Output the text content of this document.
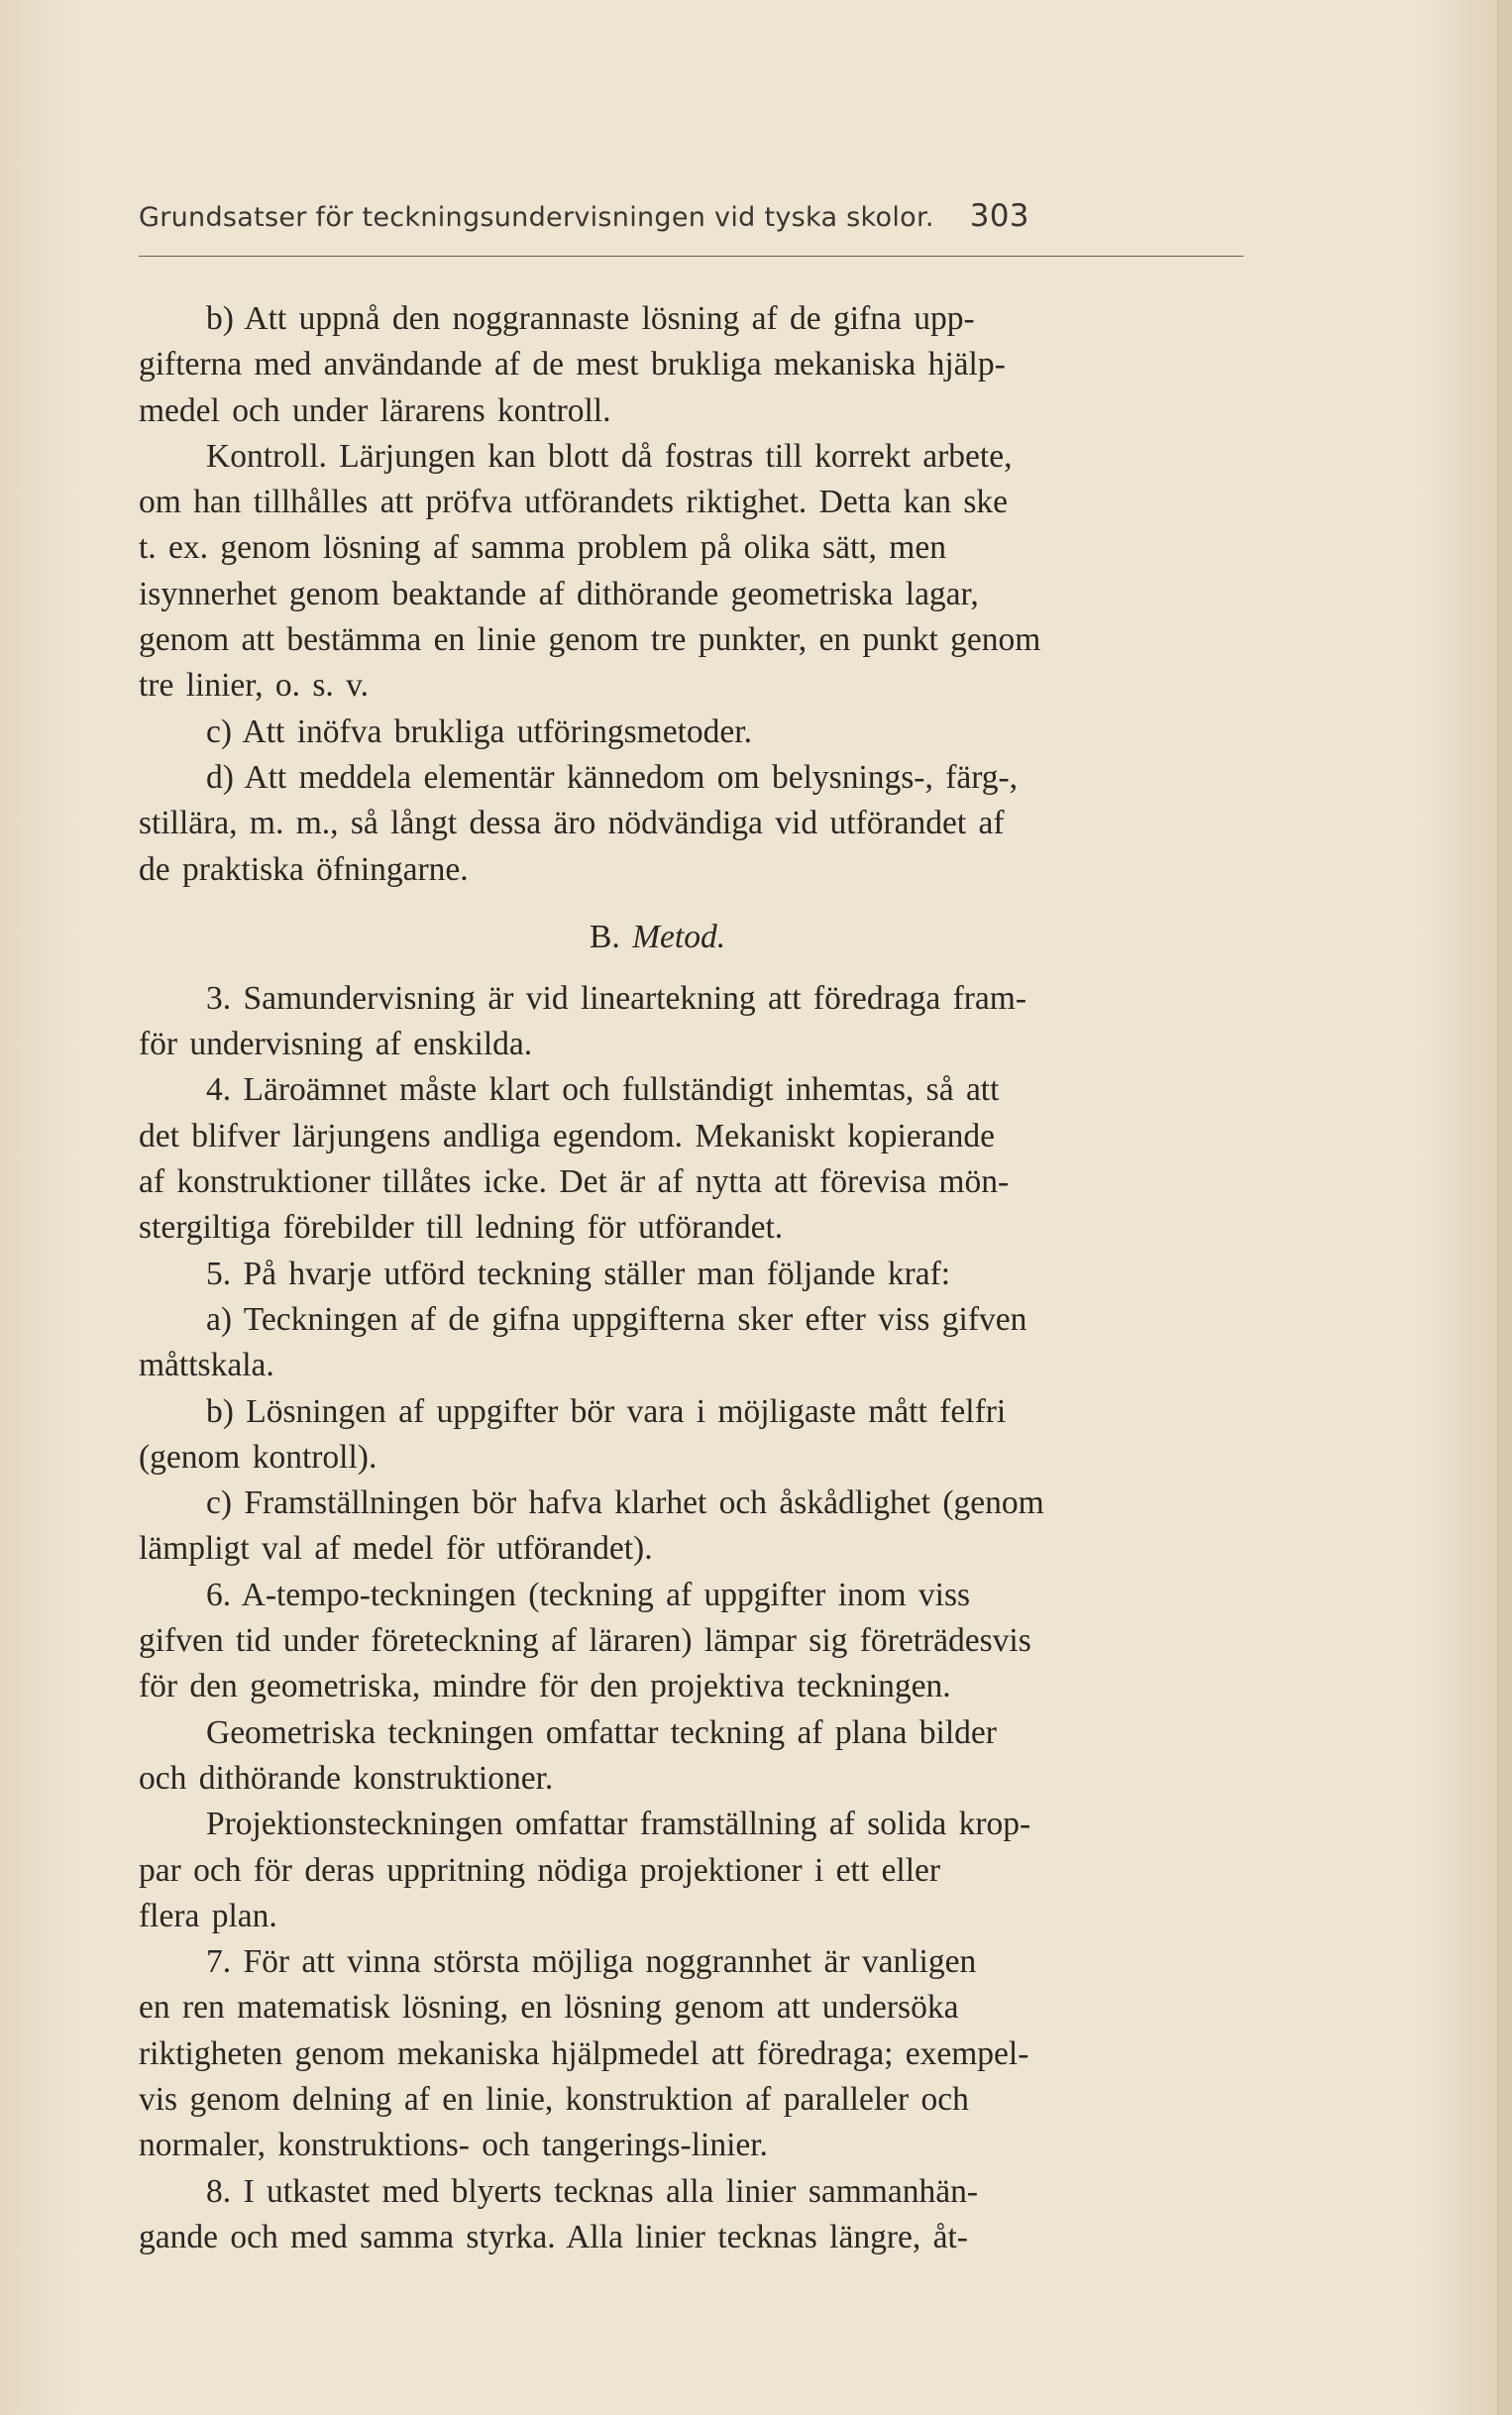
Grundsatser för teckningsundervisningen vid tyska skolor. 303
b) Att uppnå den noggrannaste lösning af de gifna upp-
gifterna med användande af de mest brukliga mekaniska hjälp-
medel och under lärarens kontroll.
Kontroll. Lärjungen kan blott då fostras till korrekt arbete,
om han tillhålles att pröfva utförandets riktighet. Detta kan ske
t. ex. genom lösning af samma problem på olika sätt, men
isynnerhet genom beaktande af dithörande geometriska lagar,
genom att bestämma en linie genom tre punkter, en punkt genom
tre linier, o. s. v.
c) Att inöfva brukliga utföringsmetoder.
d) Att meddela elementär kännedom om belysnings-, färg-,
stillära, m. m., så långt dessa äro nödvändiga vid utförandet af
de praktiska öfningarne.
B. Metod.
3. Samundervisning är vid lineartekning att föredraga fram-
för undervisning af enskilda.
4. Läroämnet måste klart och fullständigt inhemtas, så att
det blifver lärjungens andliga egendom. Mekaniskt kopierande
af konstruktioner tillåtes icke. Det är af nytta att förevisa mön-
stergiltiga förebilder till ledning för utförandet.
5. På hvarje utförd teckning ställer man följande kraf:
a) Teckningen af de gifna uppgifterna sker efter viss gifven
måttskala.
b) Lösningen af uppgifter bör vara i möjligaste mått felfri
(genom kontroll).
c) Framställningen bör hafva klarhet och åskådlighet (genom
lämpligt val af medel för utförandet).
6. A-tempo-teckningen (teckning af uppgifter inom viss
gifven tid under företeckning af läraren) lämpar sig företrädesvis
för den geometriska, mindre för den projektiva teckningen.
Geometriska teckningen omfattar teckning af plana bilder
och dithörande konstruktioner.
Projektionsteckningen omfattar framställning af solida krop-
par och för deras uppritning nödiga projektioner i ett eller
flera plan.
7. För att vinna största möjliga noggrannhet är vanligen
en ren matematisk lösning, en lösning genom att undersöka
riktigheten genom mekaniska hjälpmedel att föredraga; exempel-
vis genom delning af en linie, konstruktion af paralleler och
normaler, konstruktions- och tangerings-linier.
8. I utkastet med blyerts tecknas alla linier sammanhän-
gande och med samma styrka. Alla linier tecknas längre, åt-
